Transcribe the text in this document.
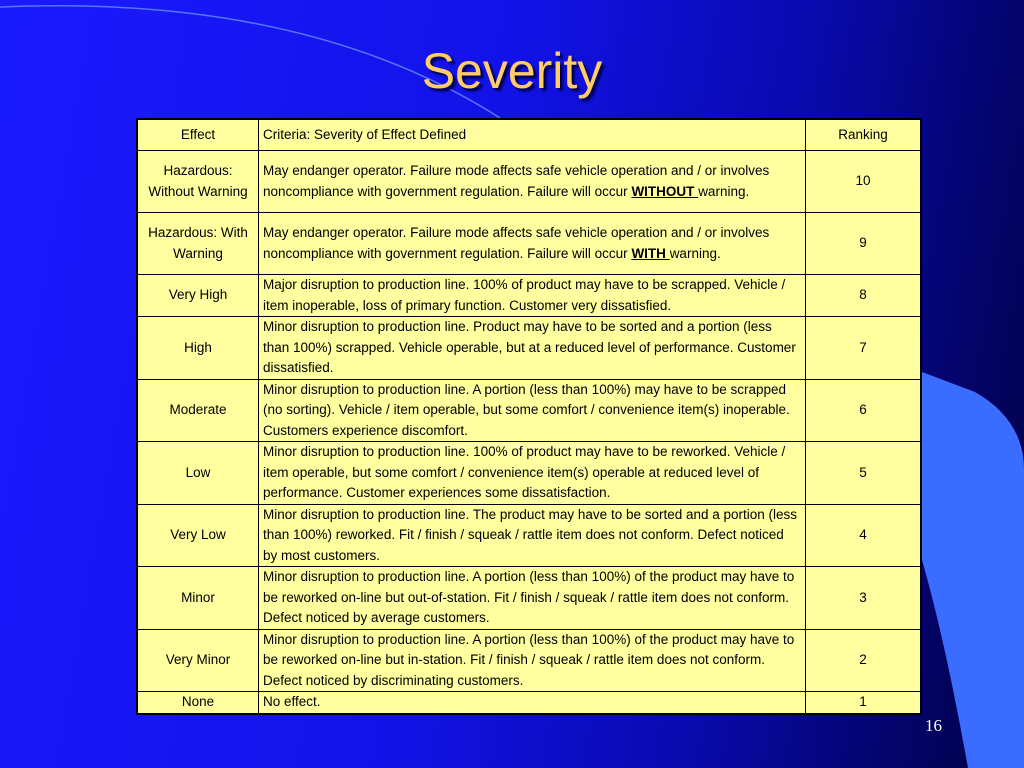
Severity
Effect	Criteria: Severity of Effect Defined	Ranking
Hazardous: Without Warning	May endanger operator. Failure mode affects safe vehicle operation and / or involves noncompliance with government regulation. Failure will occur WITHOUT warning.	10
Hazardous: With Warning	May endanger operator. Failure mode affects safe vehicle operation and / or involves noncompliance with government regulation. Failure will occur WITH warning.	9
Very High	Major disruption to production line. 100% of product may have to be scrapped. Vehicle / item inoperable, loss of primary function. Customer very dissatisfied.	8
High	Minor disruption to production line. Product may have to be sorted and a portion (less than 100%) scrapped. Vehicle operable, but at a reduced level of performance. Customer dissatisfied.	7
Moderate	Minor disruption to production line. A portion (less than 100%) may have to be scrapped (no sorting). Vehicle / item operable, but some comfort / convenience item(s) inoperable. Customers experience discomfort.	6
Low	Minor disruption to production line. 100% of product may have to be reworked. Vehicle / item operable, but some comfort / convenience item(s) operable at reduced level of performance. Customer experiences some dissatisfaction.	5
Very Low	Minor disruption to production line. The product may have to be sorted and a portion (less than 100%) reworked. Fit / finish / squeak / rattle item does not conform. Defect noticed by most customers.	4
Minor	Minor disruption to production line. A portion (less than 100%) of the product may have to be reworked on-line but out-of-station. Fit / finish / squeak / rattle item does not conform. Defect noticed by average customers.	3
Very Minor	Minor disruption to production line. A portion (less than 100%) of the product may have to be reworked on-line but in-station. Fit / finish / squeak / rattle item does not conform. Defect noticed by discriminating customers.	2
None	No effect.	1
16
